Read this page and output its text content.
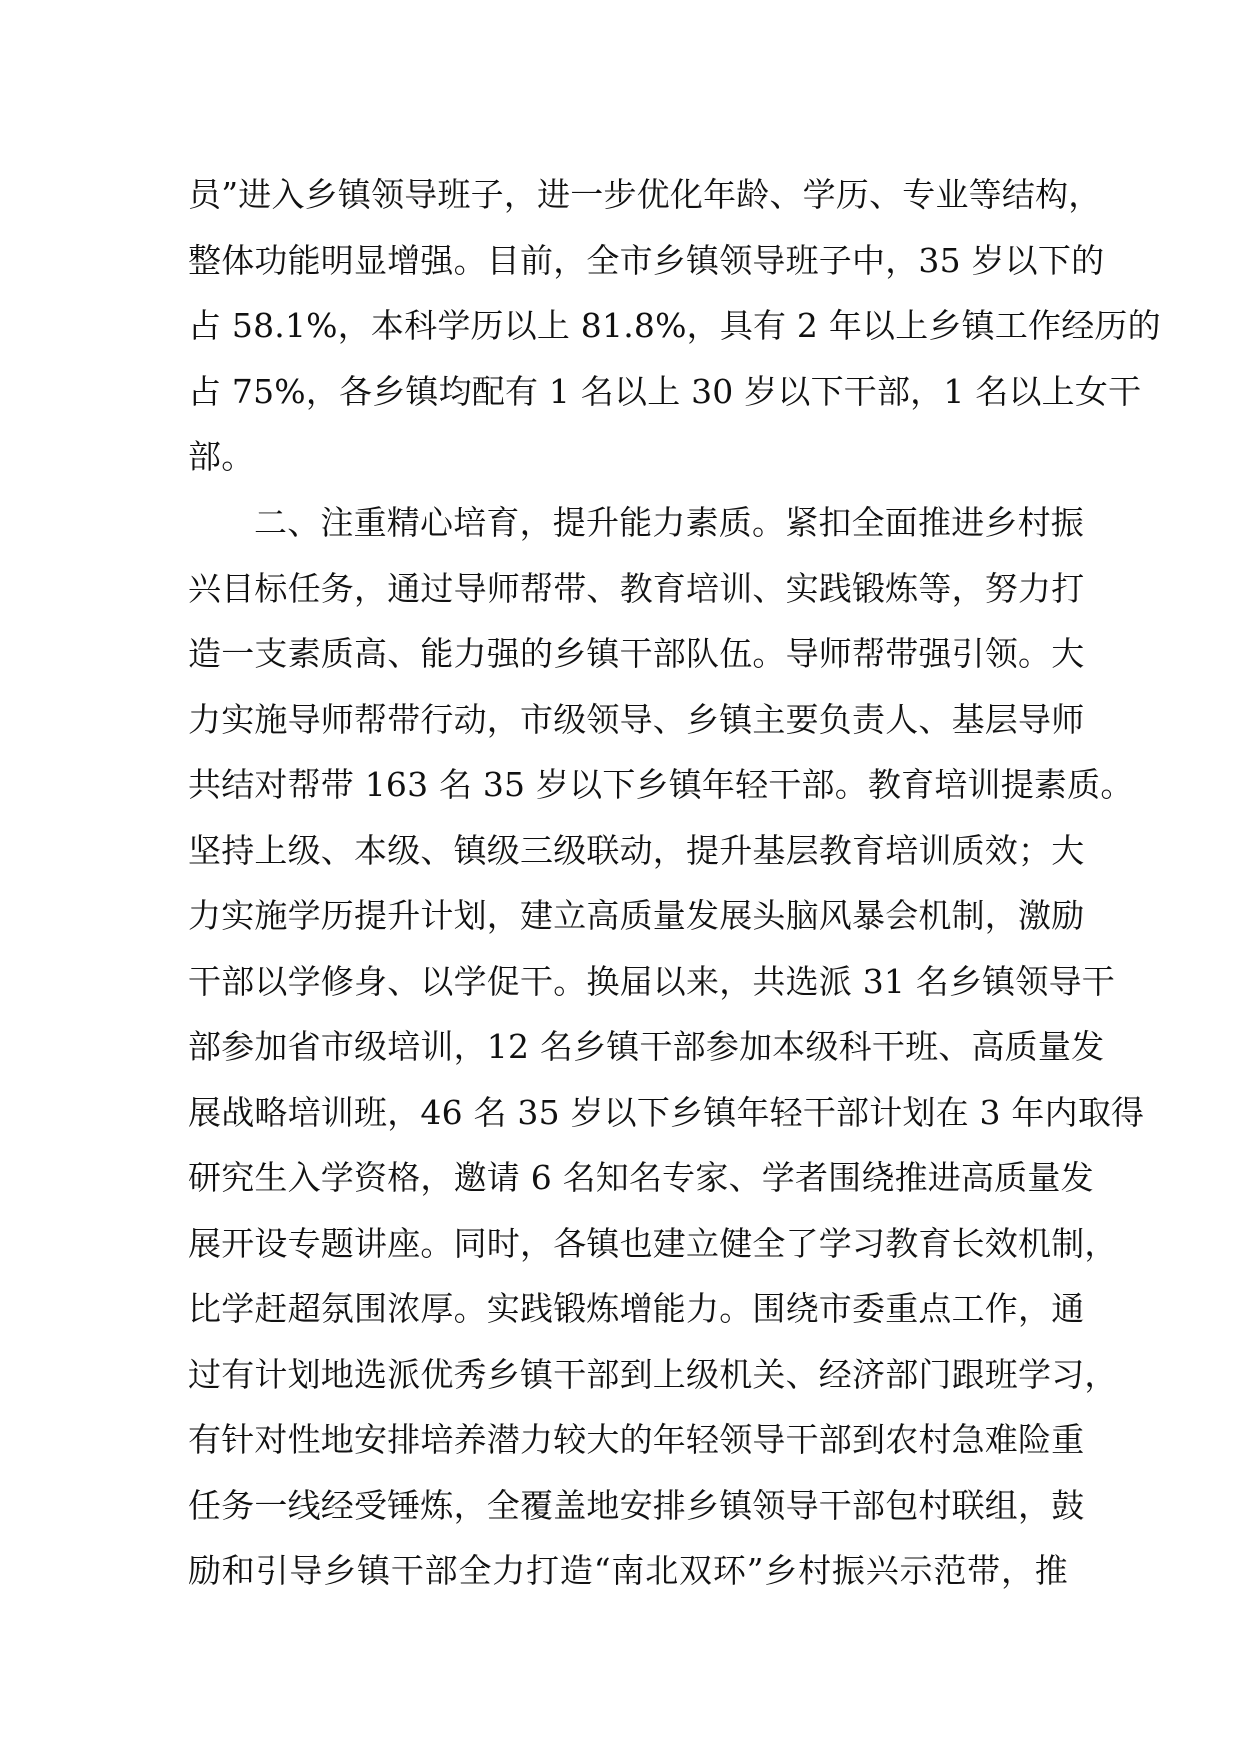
员”进入乡镇领导班子，进一步优化年龄、学历、专业等结构，
整体功能明显增强。目前，全市乡镇领导班子中，35 岁以下的
占 58.1%，本科学历以上 81.8%，具有 2 年以上乡镇工作经历的
占 75%，各乡镇均配有 1 名以上 30 岁以下干部，1 名以上女干
部。
二、注重精心培育，提升能力素质。紧扣全面推进乡村振
兴目标任务，通过导师帮带、教育培训、实践锻炼等，努力打
造一支素质高、能力强的乡镇干部队伍。导师帮带强引领。大
力实施导师帮带行动，市级领导、乡镇主要负责人、基层导师
共结对帮带 163 名 35 岁以下乡镇年轻干部。教育培训提素质。
坚持上级、本级、镇级三级联动，提升基层教育培训质效；大
力实施学历提升计划，建立高质量发展头脑风暴会机制，激励
干部以学修身、以学促干。换届以来，共选派 31 名乡镇领导干
部参加省市级培训，12 名乡镇干部参加本级科干班、高质量发
展战略培训班，46 名 35 岁以下乡镇年轻干部计划在 3 年内取得
研究生入学资格，邀请 6 名知名专家、学者围绕推进高质量发
展开设专题讲座。同时，各镇也建立健全了学习教育长效机制，
比学赶超氛围浓厚。实践锻炼增能力。围绕市委重点工作，通
过有计划地选派优秀乡镇干部到上级机关、经济部门跟班学习，
有针对性地安排培养潜力较大的年轻领导干部到农村急难险重
任务一线经受锤炼，全覆盖地安排乡镇领导干部包村联组，鼓
励和引导乡镇干部全力打造“南北双环”乡村振兴示范带，推
